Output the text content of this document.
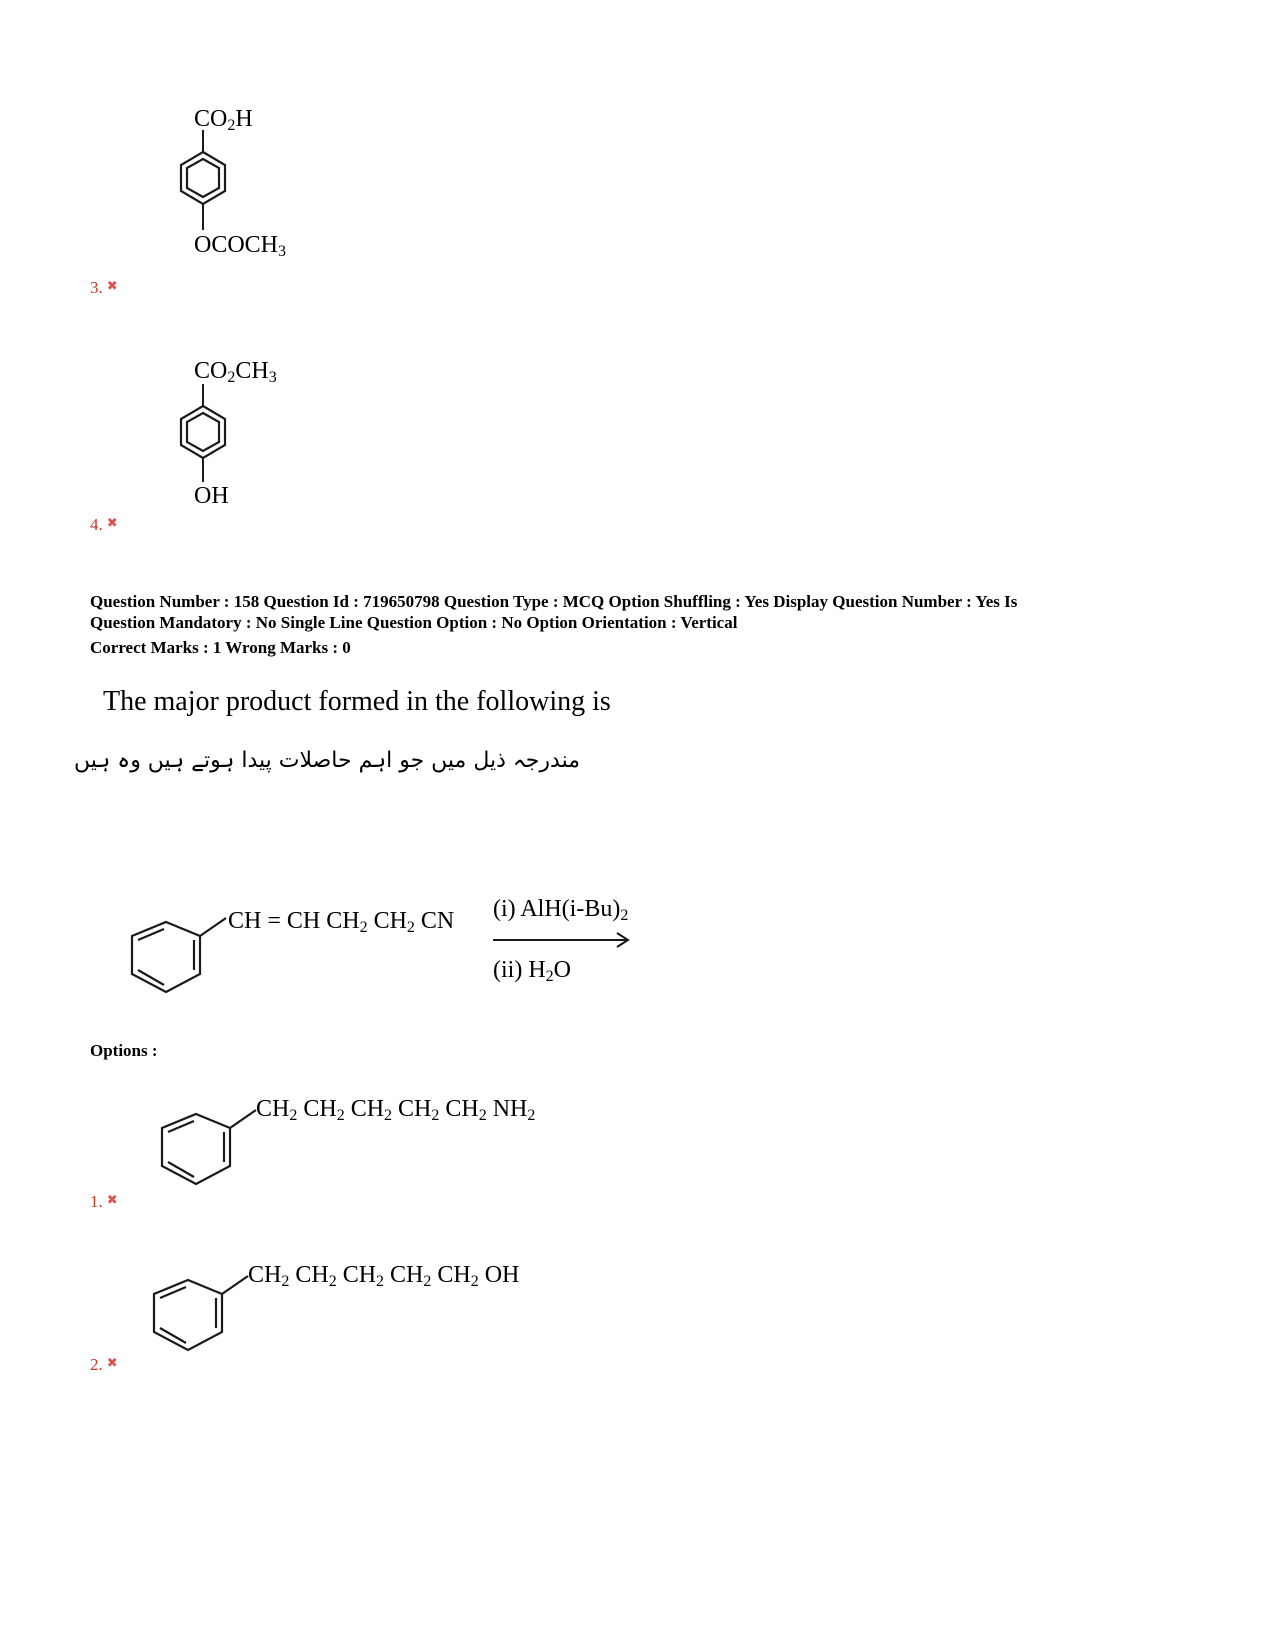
$CO_2H$
$OCOCH_3$
3. ✖
$CO_2CH_3$
OH
4. ✖
Question Number : 158 Question Id : 719650798 Question Type : MCQ Option Shuffling : Yes Display Question Number : Yes Is
Question Mandatory : No Single Line Question Option : No Option Orientation : Vertical
Correct Marks : 1 Wrong Marks : 0
The major product formed in the following is
مندرجہ ذیل میں جو اہم حاصلات پیدا ہوتے ہیں وہ ہیں
CH = CH $CH_2$ $CH_2$ CN (i) $AlH(i-Bu)_2$
(ii) $H_2O$
Options :
$CH_2$ $CH_2$ $CH_2$ $CH_2$ $CH_2$ $NH_2$
1. ✖
$CH_2$ $CH_2$ $CH_2$ $CH_2$ $CH_2$ OH
2. ✖
